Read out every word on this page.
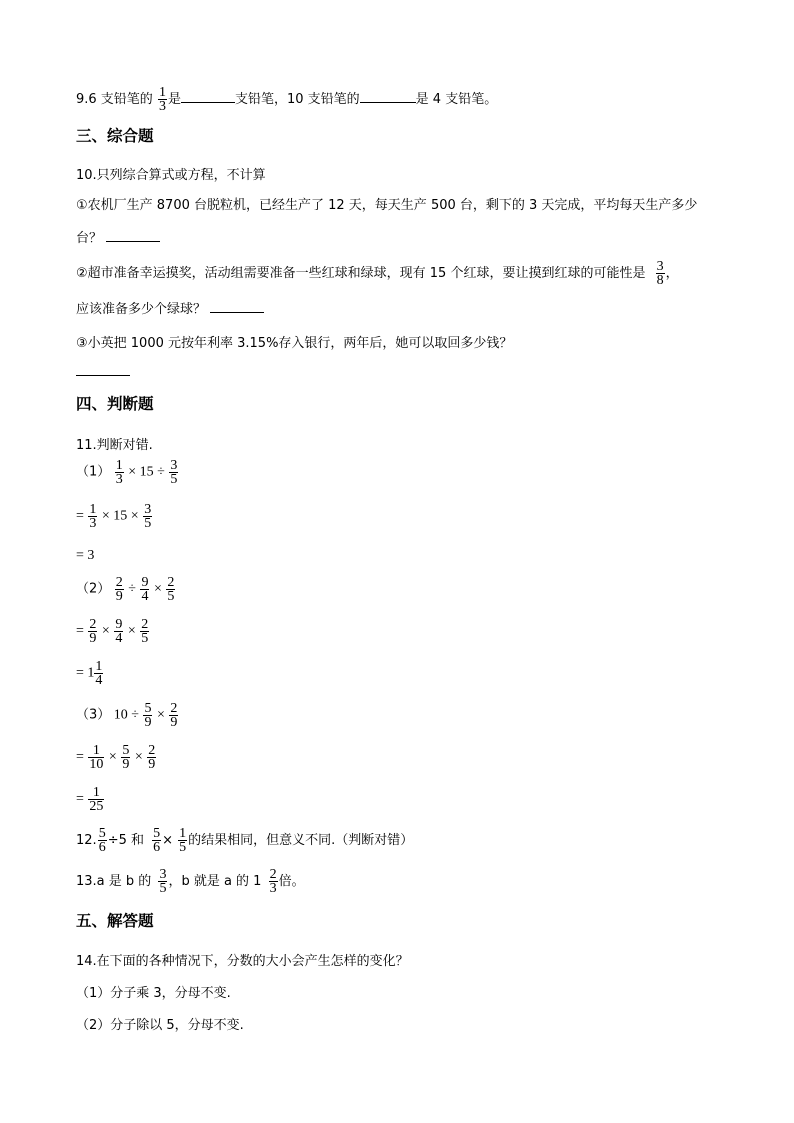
9.6 支铅笔的 $\frac{1}{3}$ 是	支铅笔，10 支铅笔的	是 4 支铅笔。
三、综合题
10.只列综合算式或方程，不计算
①农机厂生产 8700 台脱粒机，已经生产了 12 天，每天生产 500 台，剩下的 3 天完成，平均每天生产多少
台？
②超市准备幸运摸奖，活动组需要准备一些红球和绿球，现有 15 个红球，要让摸到红球的可能性是 $\frac{3}{8}$ ，
应该准备多少个绿球？
③小英把 1000 元按年利率 3.15%存入银行，两年后，她可以取回多少钱？
四、判断题
11.判断对错.
$(1) \frac{1}{3} \times 15 \div \frac{3}{5}$
= $\frac{1}{3} \times 15 \times \frac{3}{5}$
= 3
$(2) \frac{2}{9} \div \frac{9}{4} \times \frac{2}{5}$
= $\frac{2}{9} \times \frac{9}{4} \times \frac{2}{5}$
= $1 \frac{1}{4}$
（3） $10 \div \frac{5}{9} \times \frac{2}{9}$
= $\frac{1}{10} \times \frac{5}{9} \times \frac{2}{9}$
= $\frac{1}{25}$
12. $\frac{5}{6} \div 5$ 和 $\frac{5}{6} \times \frac{1}{5}$ 的结果相同，但意义不同.（判断对错）
13.a 是 b 的 $\frac{3}{5}$ ，b 就是 a 的 $1 \frac{2}{3}$ 倍。
五、解答题
14.在下面的各种情况下，分数的大小会产生怎样的变化？
（1）分子乘 3，分母不变.
（2）分子除以 5，分母不变.
